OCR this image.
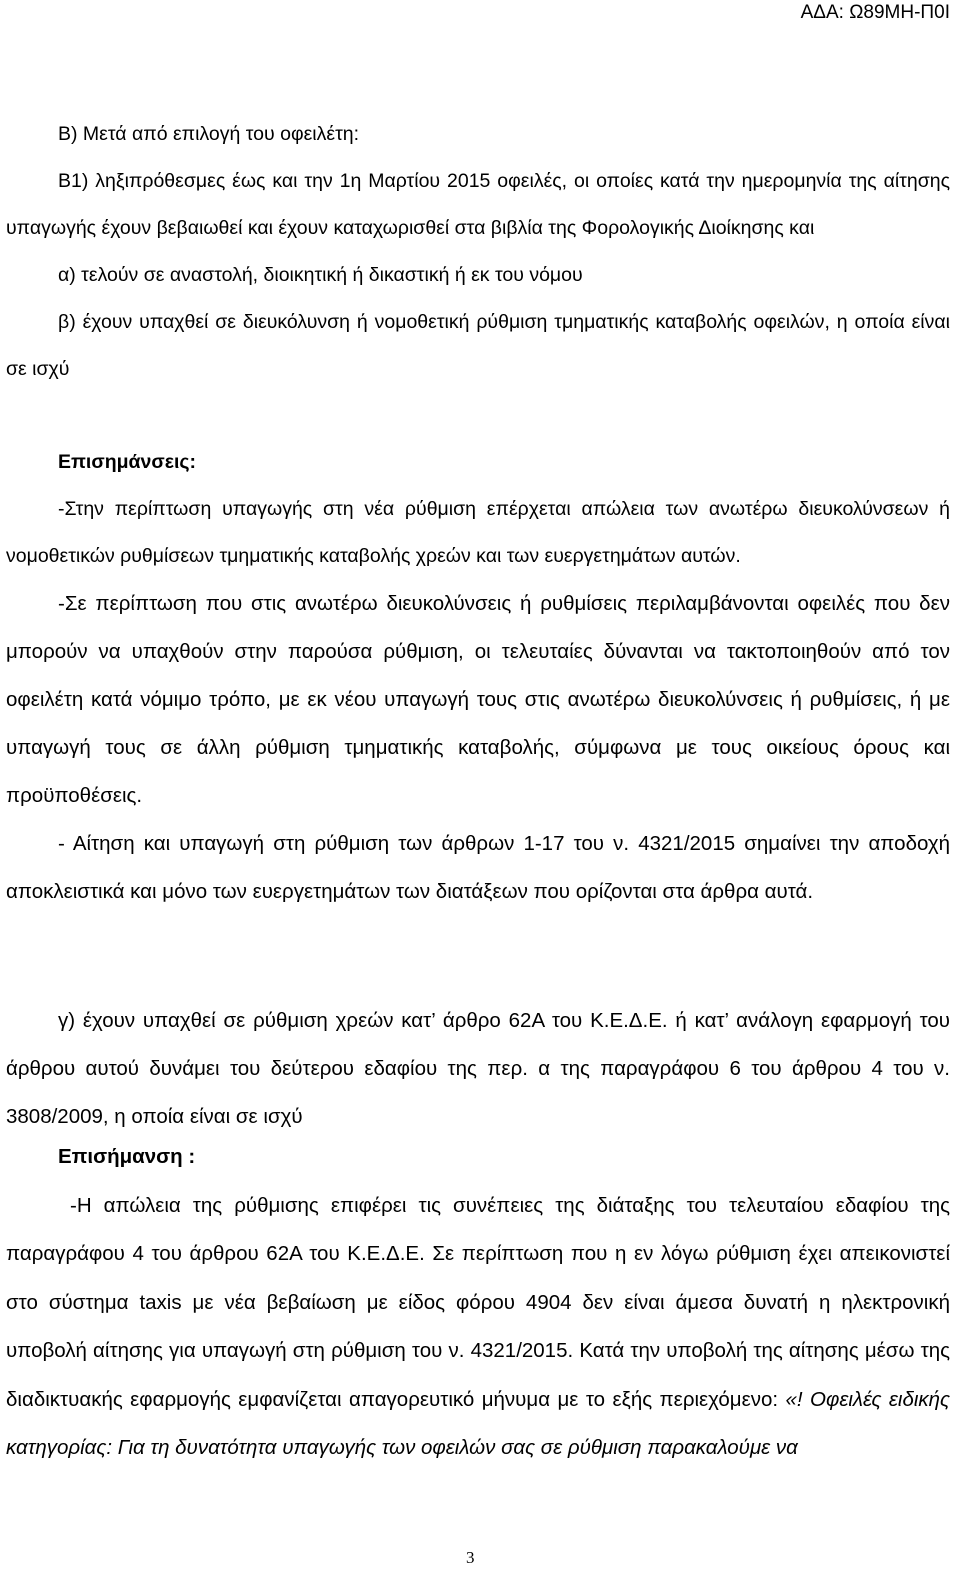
ΑΔΑ: Ω89ΜΗ-Π0Ι
Β) Μετά από επιλογή του οφειλέτη:
Β1) ληξιπρόθεσμες έως και την 1η Μαρτίου 2015 οφειλές, οι οποίες κατά την ημερομηνία της αίτησης υπαγωγής έχουν βεβαιωθεί και έχουν καταχωρισθεί στα βιβλία της Φορολογικής Διοίκησης και
α) τελούν σε αναστολή, διοικητική ή δικαστική ή εκ του νόμου
β) έχουν υπαχθεί σε διευκόλυνση ή νομοθετική ρύθμιση τμηματικής καταβολής οφειλών, η οποία είναι σε ισχύ
Επισημάνσεις:
-Στην περίπτωση υπαγωγής στη νέα ρύθμιση επέρχεται απώλεια των ανωτέρω διευκολύνσεων ή νομοθετικών ρυθμίσεων τμηματικής καταβολής χρεών και των ευεργετημάτων αυτών.
-Σε περίπτωση που στις ανωτέρω διευκολύνσεις ή ρυθμίσεις περιλαμβάνονται οφειλές που δεν μπορούν να υπαχθούν στην παρούσα ρύθμιση, οι τελευταίες δύνανται να τακτοποιηθούν από τον οφειλέτη κατά νόμιμο τρόπο, με εκ νέου υπαγωγή τους στις ανωτέρω διευκολύνσεις ή ρυθμίσεις, ή με υπαγωγή τους σε άλλη ρύθμιση τμηματικής καταβολής, σύμφωνα με τους οικείους όρους και προϋποθέσεις.
- Αίτηση και υπαγωγή στη ρύθμιση των άρθρων 1-17 του ν. 4321/2015 σημαίνει την αποδοχή αποκλειστικά και μόνο των ευεργετημάτων των διατάξεων που ορίζονται στα άρθρα αυτά.
γ) έχουν υπαχθεί σε ρύθμιση χρεών κατ’ άρθρο 62Α του Κ.Ε.Δ.Ε. ή κατ’ ανάλογη εφαρμογή του άρθρου αυτού δυνάμει του δεύτερου εδαφίου της περ. α της παραγράφου 6 του άρθρου 4 του ν. 3808/2009, η οποία είναι σε ισχύ
Επισήμανση :
-Η απώλεια της ρύθμισης επιφέρει τις συνέπειες της διάταξης του τελευταίου εδαφίου της παραγράφου 4 του άρθρου 62Α του Κ.Ε.Δ.Ε. Σε περίπτωση που η εν λόγω ρύθμιση έχει απεικονιστεί στο σύστημα taxis με νέα βεβαίωση με είδος φόρου 4904 δεν είναι άμεσα δυνατή η ηλεκτρονική υποβολή αίτησης για υπαγωγή στη ρύθμιση του ν. 4321/2015. Κατά την υποβολή της αίτησης μέσω της διαδικτυακής εφαρμογής εμφανίζεται απαγορευτικό μήνυμα με το εξής περιεχόμενο: «! Οφειλές ειδικής κατηγορίας: Για τη δυνατότητα υπαγωγής των οφειλών σας σε ρύθμιση παρακαλούμε να
3
